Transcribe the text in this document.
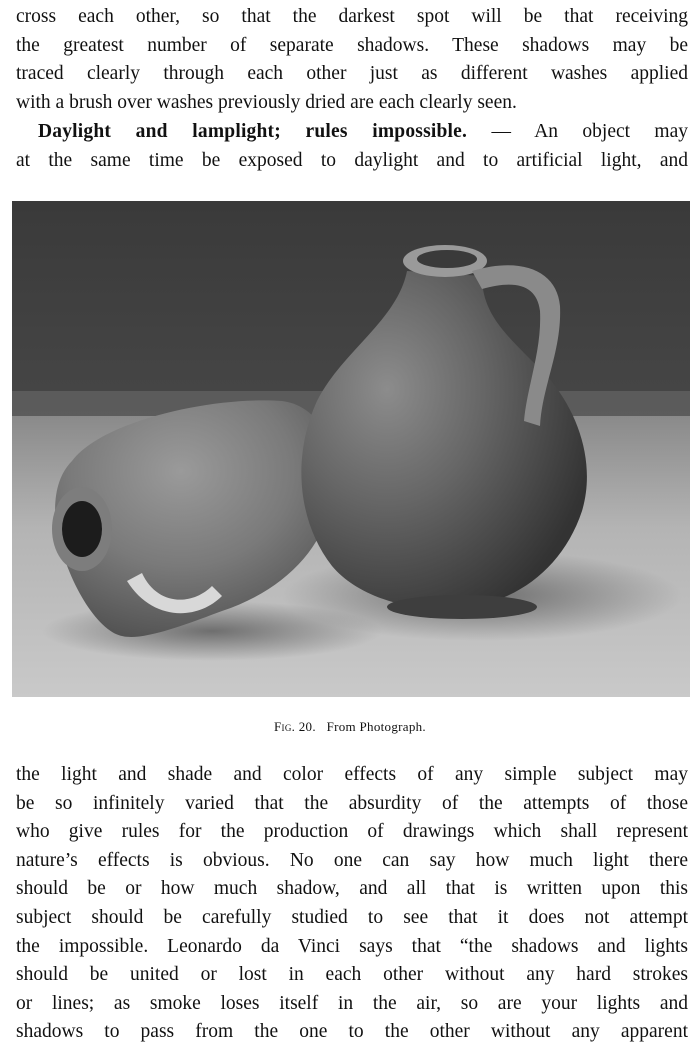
cross each other, so that the darkest spot will be that receiving
the greatest number of separate shadows. These shadows may be
traced clearly through each other just as different washes applied
with a brush over washes previously dried are each clearly seen.

Daylight and lamplight; rules impossible. — An object may
at the same time be exposed to daylight and to artificial light, and

Fig. 20. From Photograph.

the light and shade and color effects of any simple subject may
be so infinitely varied that the absurdity of the attempts of those
who give rules for the production of drawings which shall represent
nature’s effects is obvious. No one can say how much light there
should be or how much shadow, and all that is written upon this
subject should be carefully studied to see that it does not attempt
the impossible. Leonardo da Vinci says that “the shadows and lights
should be united or lost in each other without any hard strokes
or lines; as smoke loses itself in the air, so are your lights and
shadows to pass from the one to the other without any apparent
